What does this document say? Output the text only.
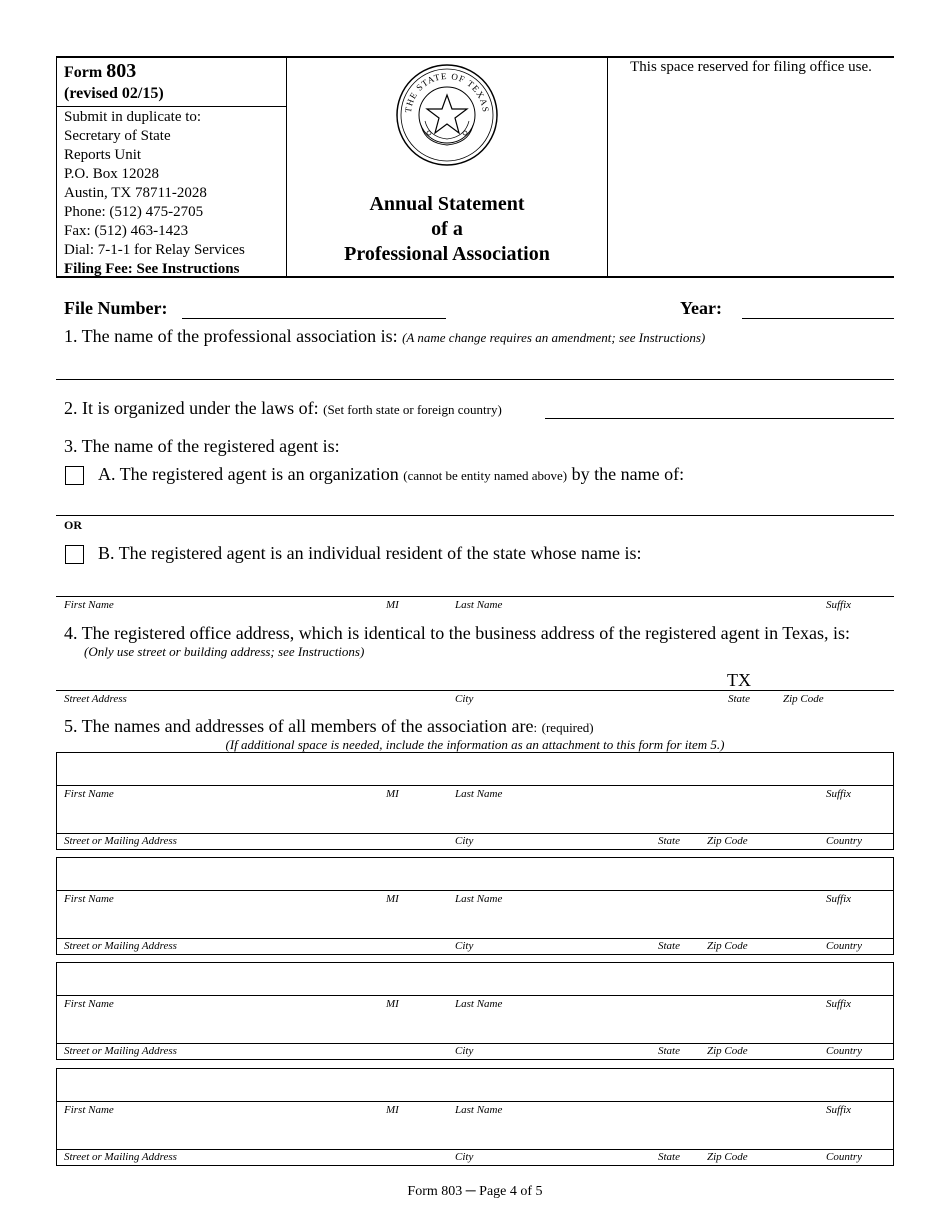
Form 803
(revised 02/15)
Submit in duplicate to:
Secretary of State
Reports Unit
P.O. Box 12028
Austin, TX 78711-2028
Phone: (512) 475-2705
Fax: (512) 463-1423
Dial: 7-1-1 for Relay Services
Filing Fee: See Instructions
THE STATE OF TEXAS
Annual Statement
of a
Professional Association
This space reserved for filing office use.
File Number:	Year:
1. The name of the professional association is: (A name change requires an amendment; see Instructions)
2. It is organized under the laws of: (Set forth state or foreign country)
3. The name of the registered agent is:
A. The registered agent is an organization (cannot be entity named above) by the name of:
OR
B. The registered agent is an individual resident of the state whose name is:
First Name	MI	Last Name	Suffix
4. The registered office address, which is identical to the business address of the registered agent in Texas, is:
(Only use street or building address; see Instructions)
TX
Street Address	City	State	Zip Code
5. The names and addresses of all members of the association are: (required)
(If additional space is needed, include the information as an attachment to this form for item 5.)
First Name	MI	Last Name	Suffix
Street or Mailing Address	City	State Zip Code	Country
First Name	MI	Last Name	Suffix
Street or Mailing Address	City	State Zip Code	Country
First Name	MI	Last Name	Suffix
Street or Mailing Address	City	State Zip Code	Country
First Name	MI	Last Name	Suffix
Street or Mailing Address	City	State Zip Code	Country
Form 803 ─ Page 4 of 5
